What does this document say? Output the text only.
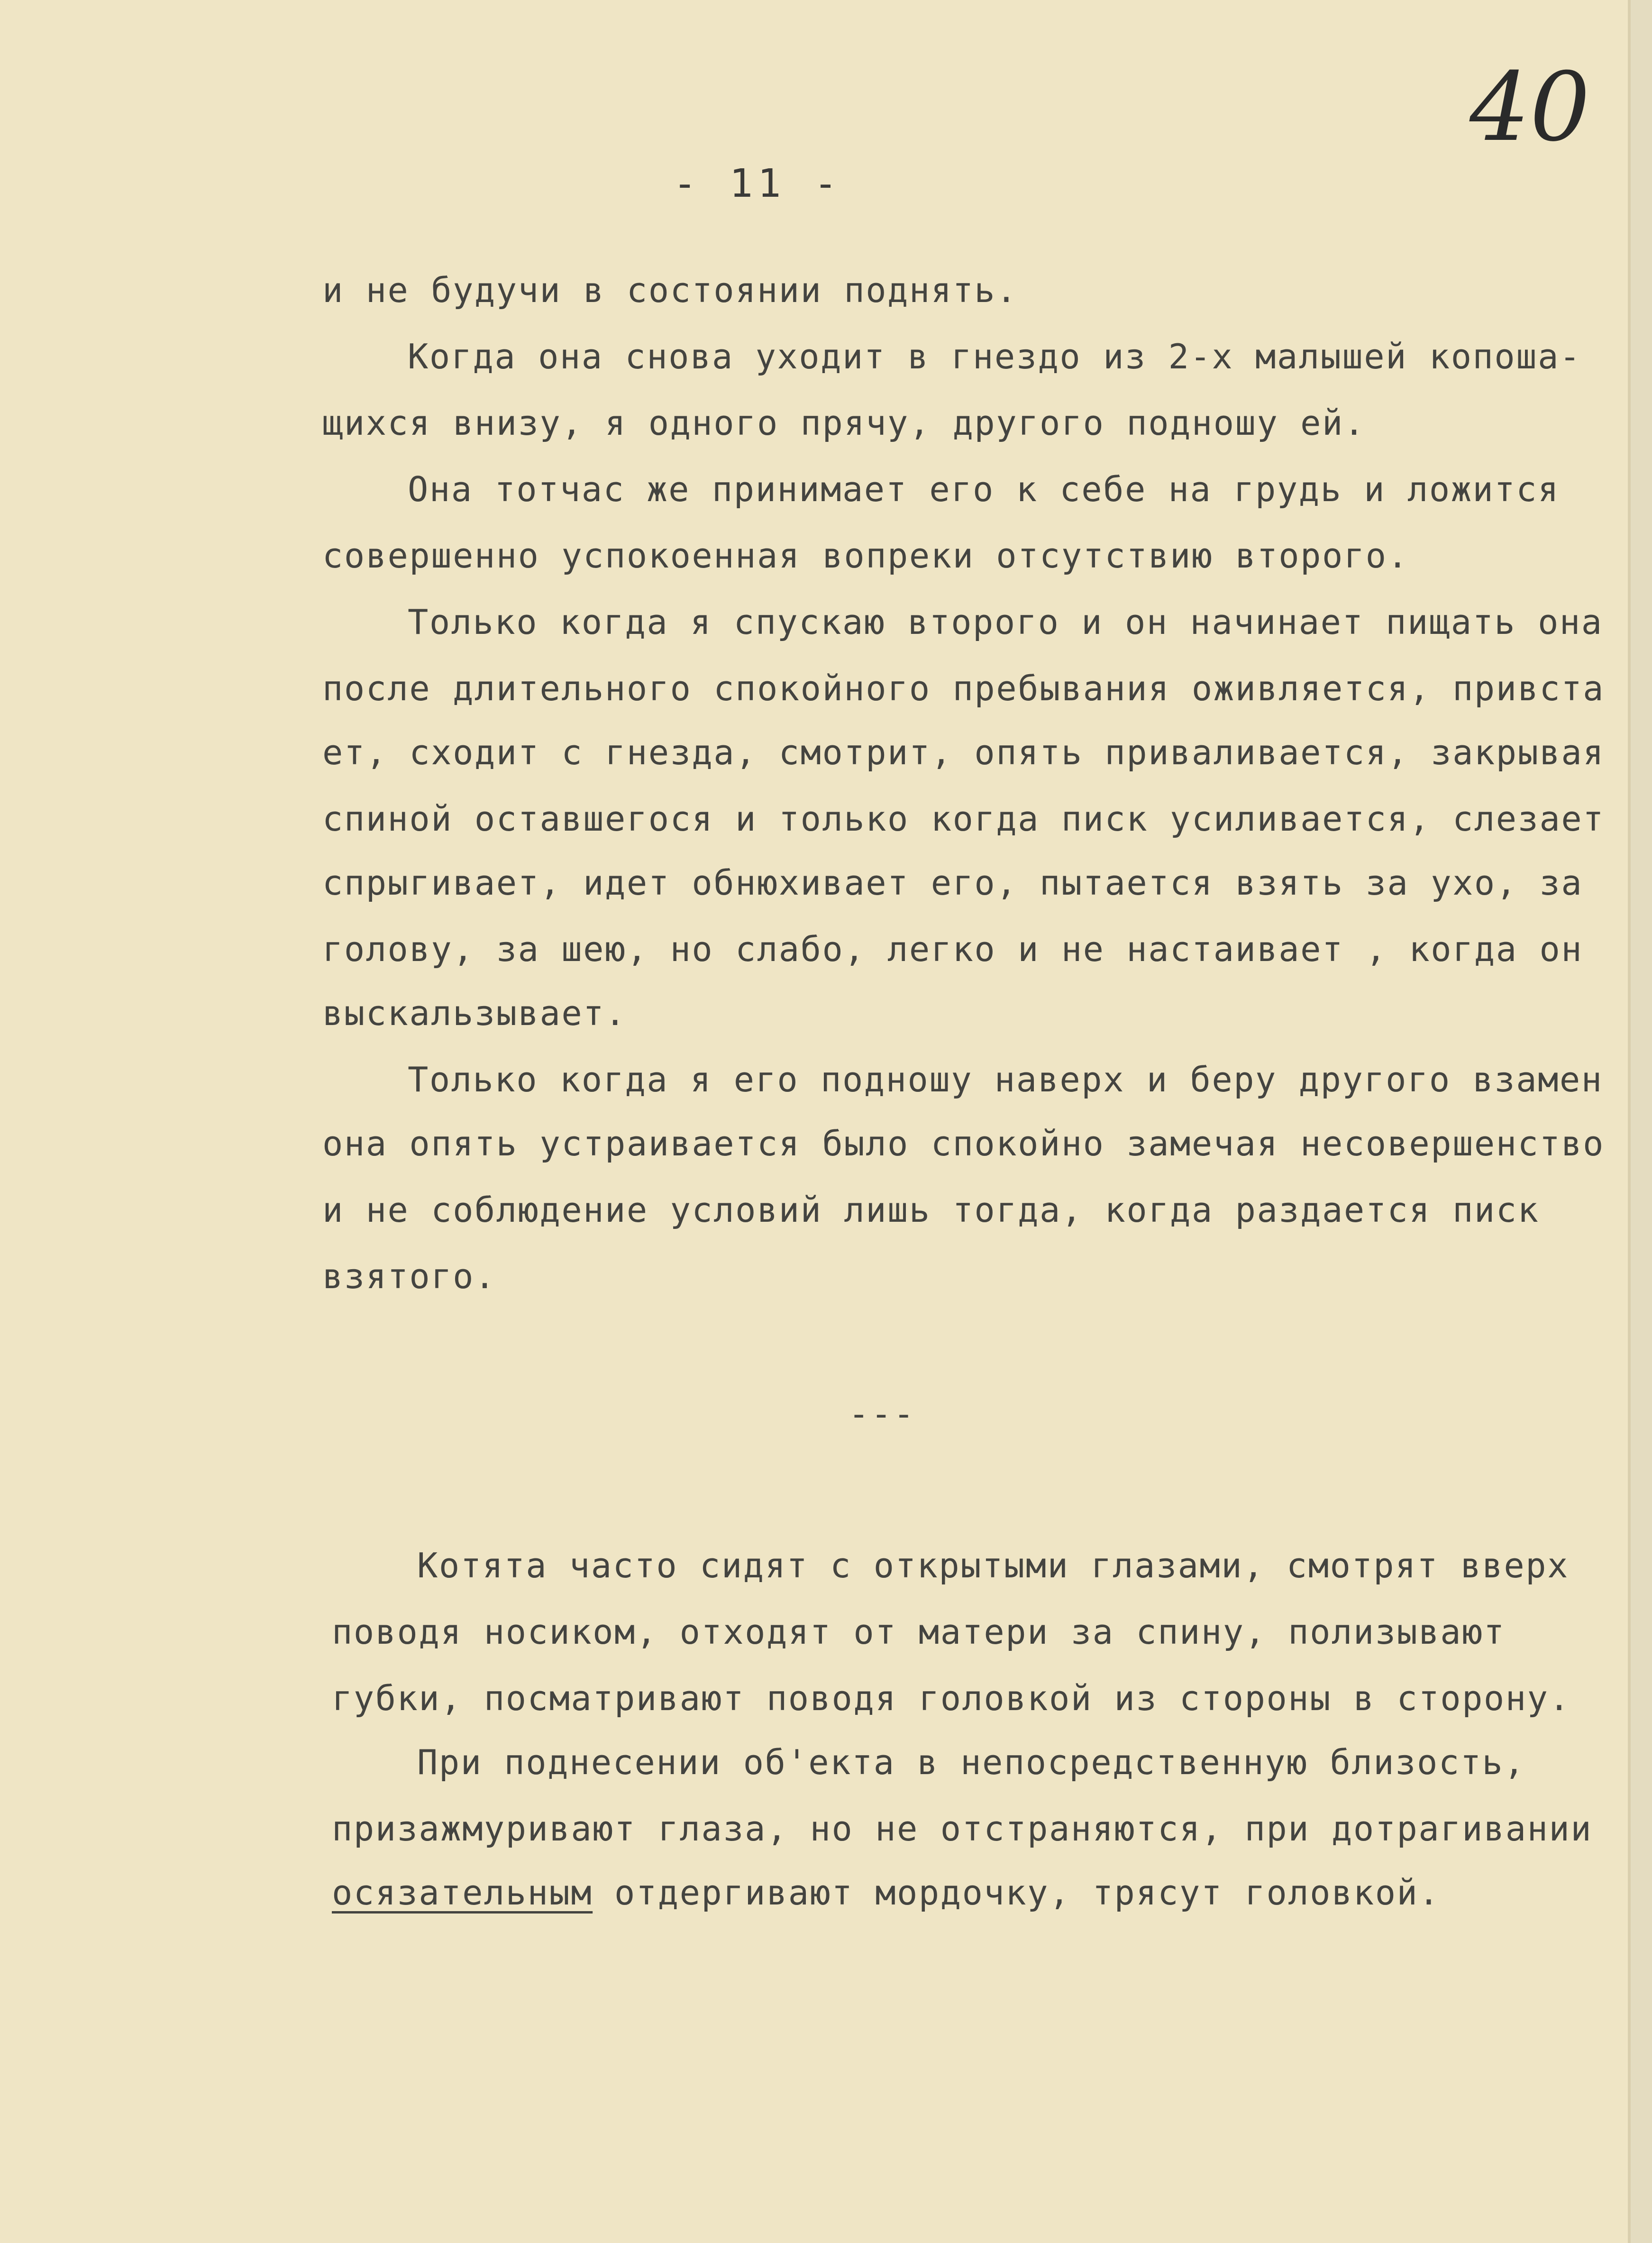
40
- 11 -
и не будучи в состоянии поднять.
Когда она снова уходит в гнездо из 2-х малышей копоша-
щихся внизу, я одного прячу, другого подношу ей.
Она тотчас же принимает его к себе на грудь и ложится
совершенно успокоенная вопреки отсутствию второго.
Только когда я спускаю второго и он начинает пищать она
после длительного спокойного пребывания оживляется, привста
ет, сходит с гнезда, смотрит, опять приваливается, закрывая
спиной оставшегося и только когда писк усиливается, слезает
спрыгивает, идет обнюхивает его, пытается взять за ухо, за
голову, за шею, но слабо, легко и не настаивает , когда он
выскальзывает.
Только когда я его подношу наверх и беру другого взамен
она опять устраивается было спокойно замечая несовершенство
и не соблюдение условий лишь тогда, когда раздается писк
взятого.
---
Котята часто сидят с открытыми глазами, смотрят вверх
поводя носиком, отходят от матери за спину, полизывают
губки, посматривают поводя головкой из стороны в сторону.
При поднесении об'екта в непосредственную близость,
призажмуривают глаза, но не отстраняются, при дотрагивании
осязательным отдергивают мордочку, трясут головкой.
